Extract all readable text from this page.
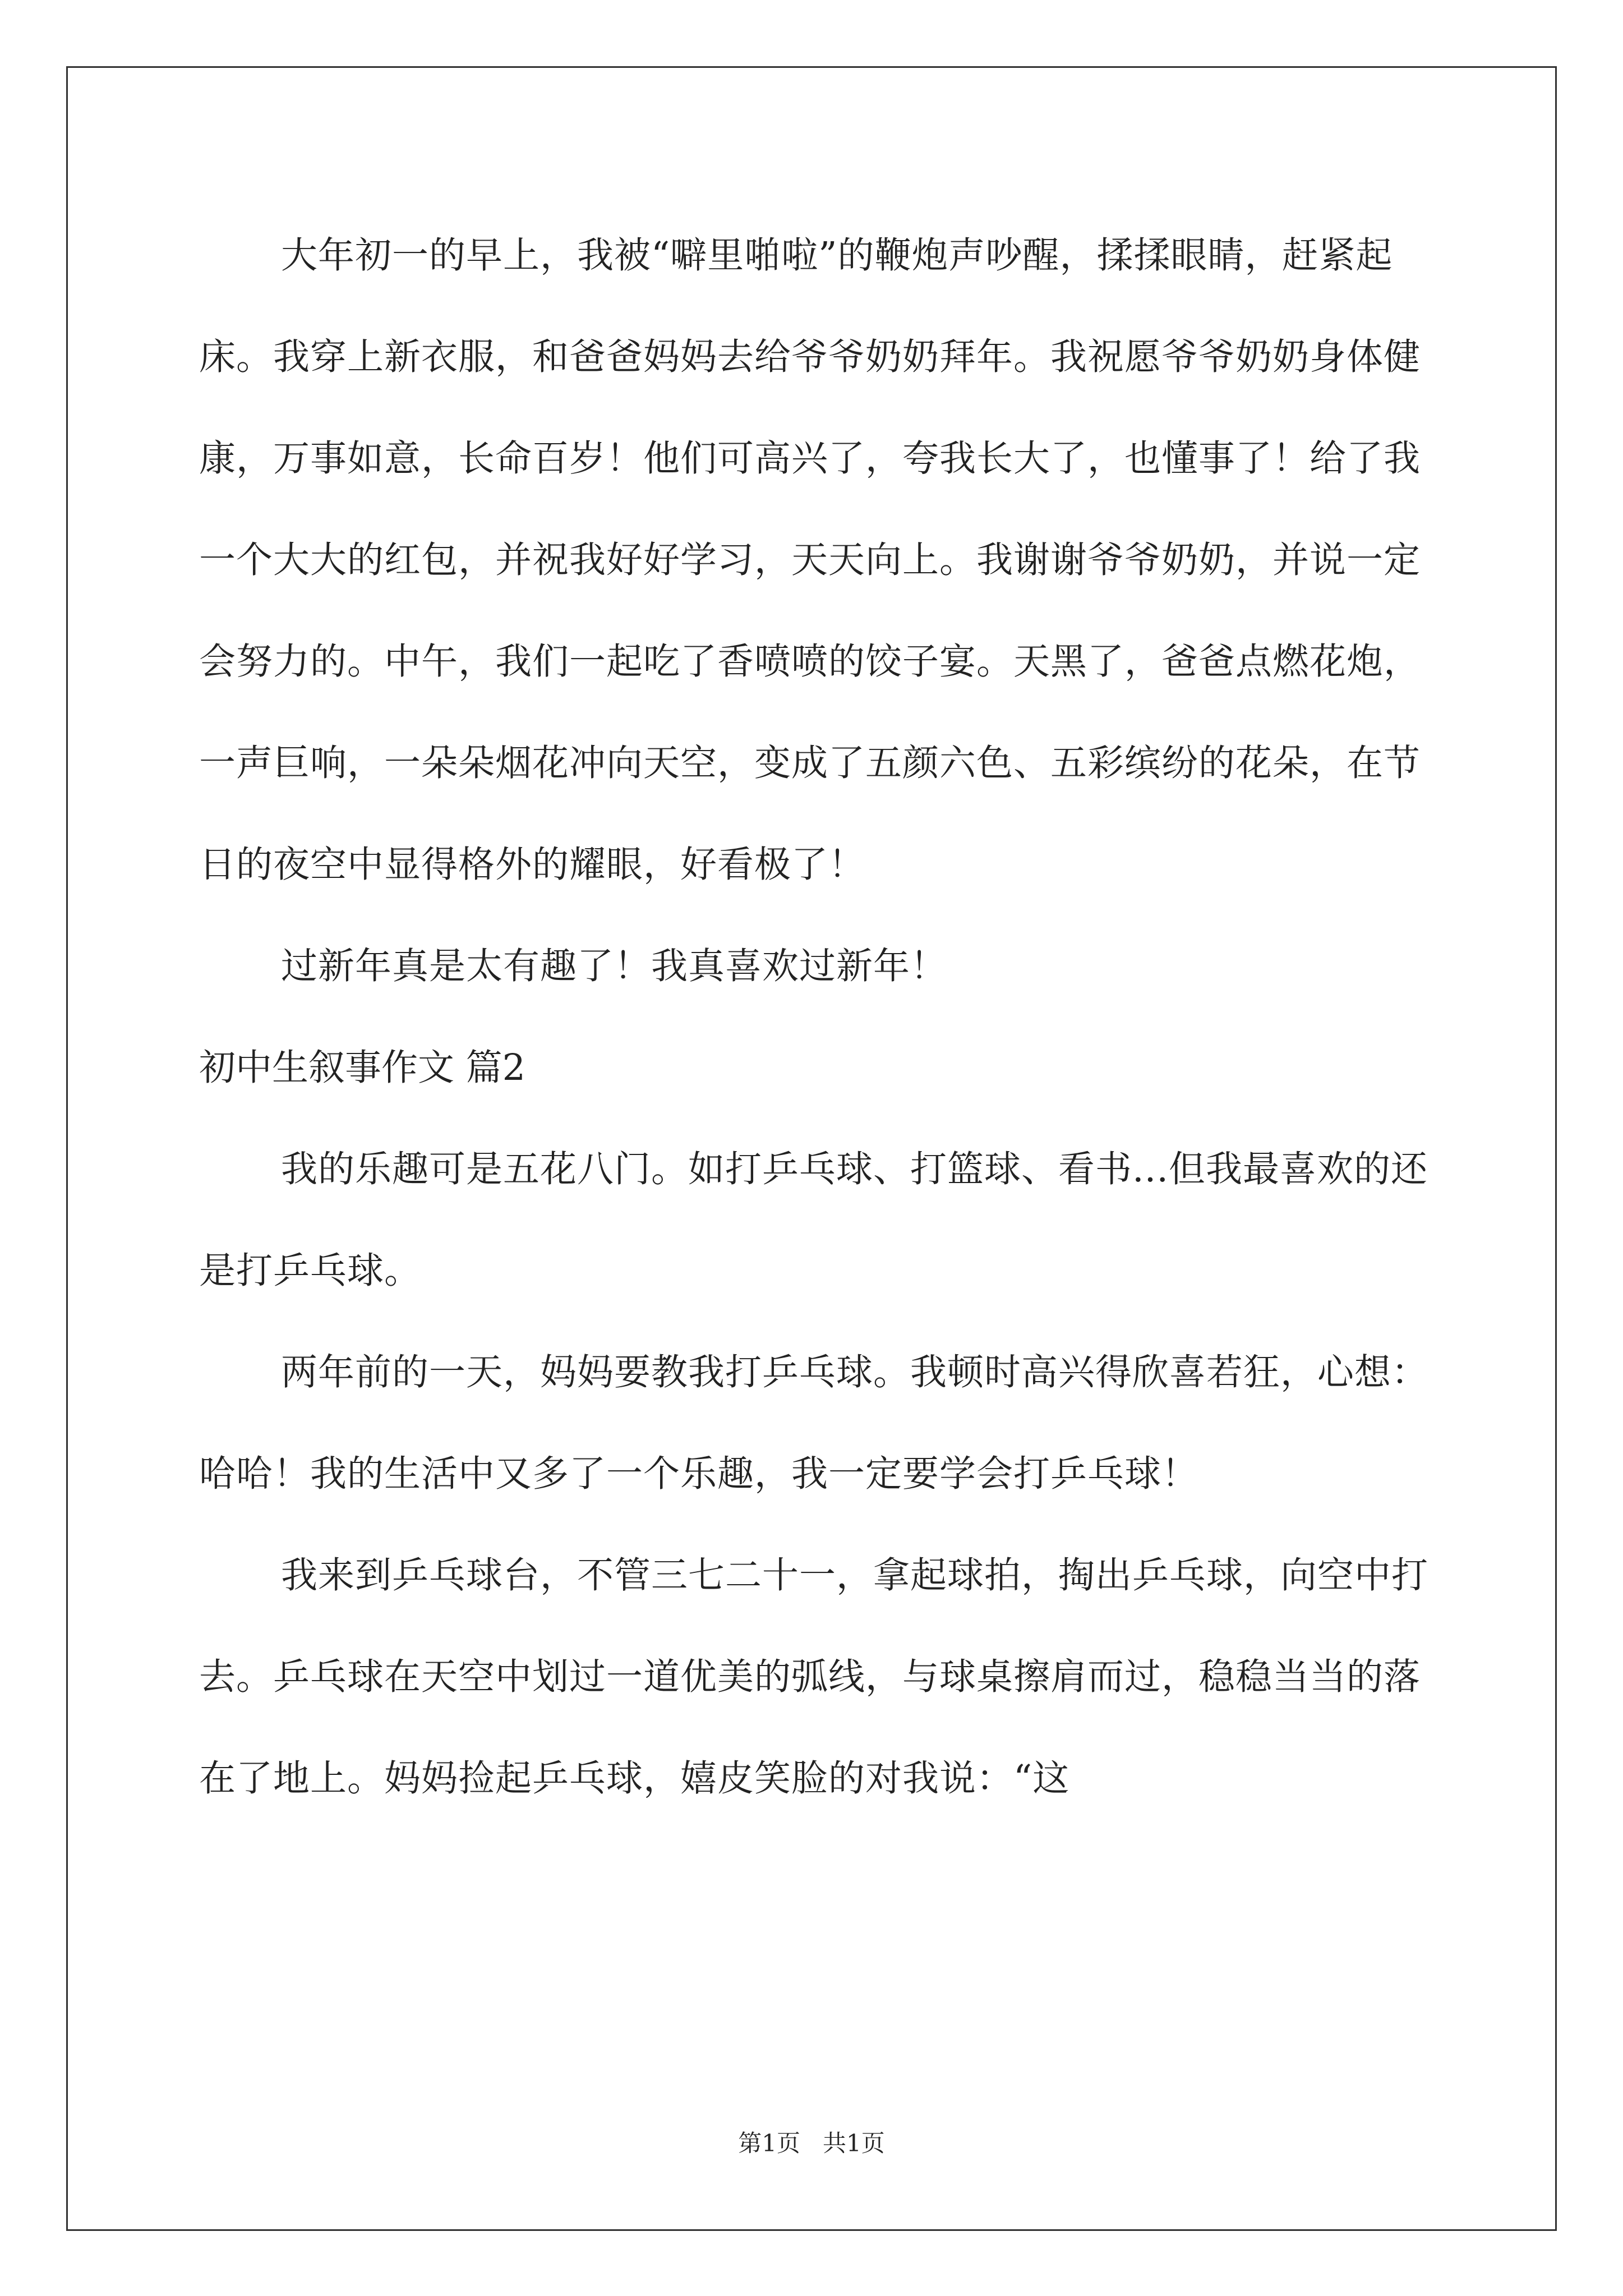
大年初一的早上，我被“噼里啪啦”的鞭炮声吵醒，揉揉眼睛，赶紧起床。我穿上新衣服，和爸爸妈妈去给爷爷奶奶拜年。我祝愿爷爷奶奶身体健康，万事如意，长命百岁！他们可高兴了，夸我长大了，也懂事了！给了我一个大大的红包，并祝我好好学习，天天向上。我谢谢爷爷奶奶，并说一定会努力的。中午，我们一起吃了香喷喷的饺子宴。天黑了，爸爸点燃花炮，一声巨响，一朵朵烟花冲向天空，变成了五颜六色、五彩缤纷的花朵，在节日的夜空中显得格外的耀眼，好看极了！

过新年真是太有趣了！我真喜欢过新年！

初中生叙事作文 篇2

我的乐趣可是五花八门。如打乒乓球、打篮球、看书...但我最喜欢的还是打乒乓球。

两年前的一天，妈妈要教我打乒乓球。我顿时高兴得欣喜若狂，心想：哈哈！我的生活中又多了一个乐趣，我一定要学会打乒乓球！

我来到乒乓球台，不管三七二十一，拿起球拍，掏出乒乓球，向空中打去。乒乓球在天空中划过一道优美的弧线，与球桌擦肩而过，稳稳当当的落在了地上。妈妈捡起乒乓球，嬉皮笑脸的对我说：“这

第1页 共1页
